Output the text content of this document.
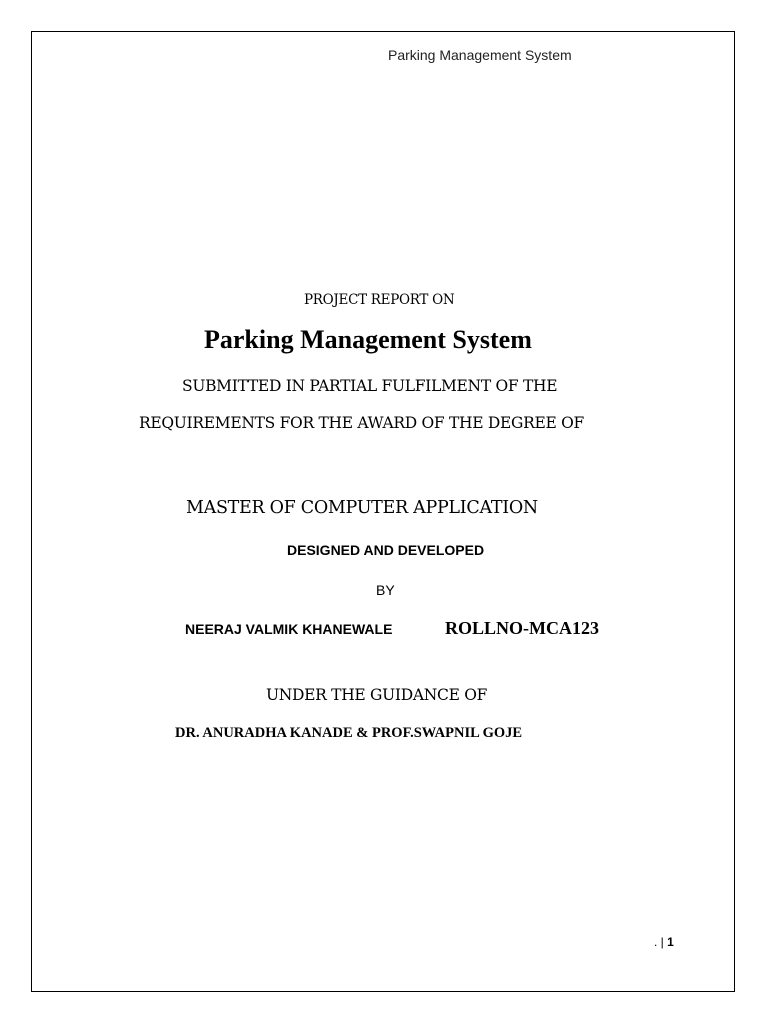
Parking Management System
PROJECT REPORT ON
Parking Management System
SUBMITTED IN PARTIAL FULFILMENT OF THE
REQUIREMENTS FOR THE AWARD OF THE DEGREE OF
MASTER OF COMPUTER APPLICATION
DESIGNED AND DEVELOPED
BY
NEERAJ VALMIK KHANEWALE	ROLLNO-MCA123
UNDER THE GUIDANCE OF
DR. ANURADHA KANADE & PROF.SWAPNIL GOJE
. | 1
